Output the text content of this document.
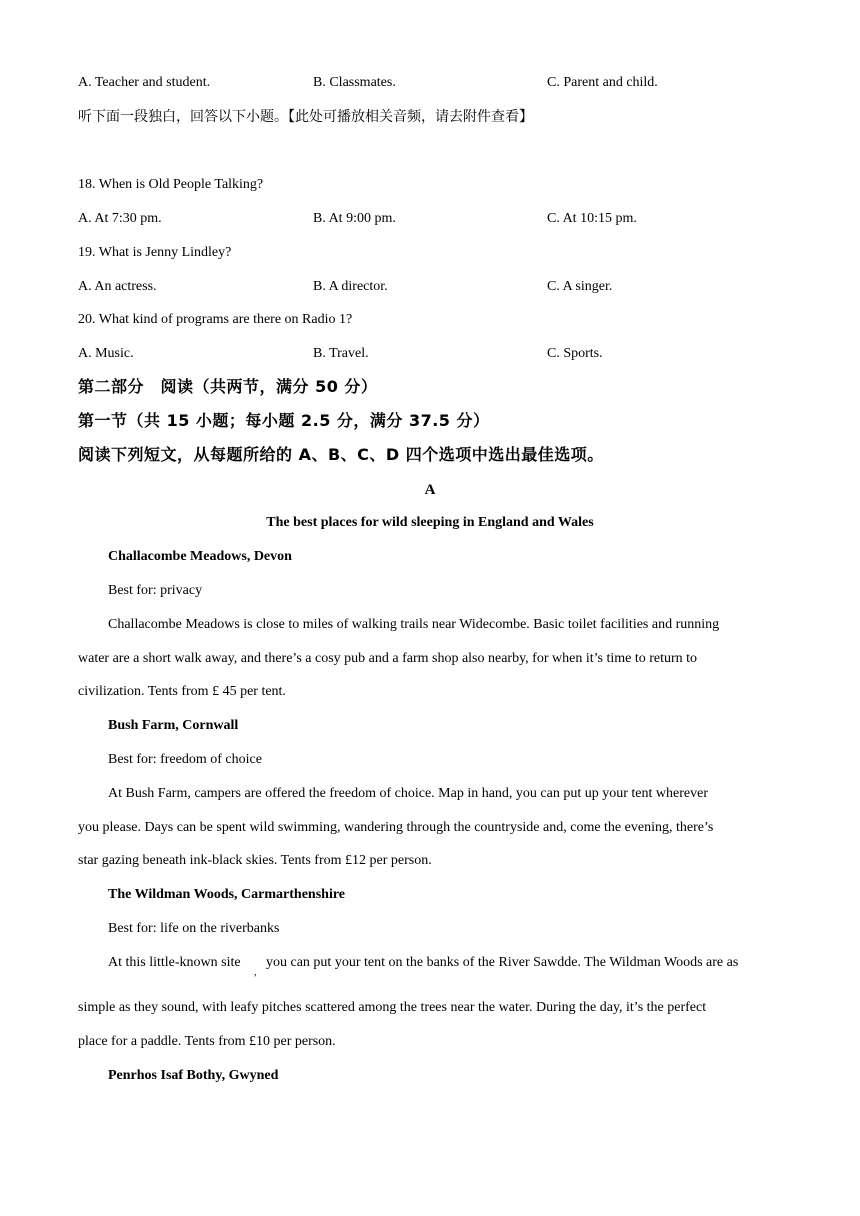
A. Teacher and student.	B. Classmates.	C. Parent and child.
听下面一段独白，回答以下小题。【此处可播放相关音频，请去附件查看】
18. When is Old People Talking?
A. At 7:30 pm.	B. At 9:00 pm.	C. At 10:15 pm.
19. What is Jenny Lindley?
A. An actress.	B. A director.	C. A singer.
20. What kind of programs are there on Radio 1?
A. Music.	B. Travel.	C. Sports.
第二部分　阅读（共两节，满分 50 分）
第一节（共 15 小题；每小题 2.5 分，满分 37.5 分）
阅读下列短文，从每题所给的 A、B、C、D 四个选项中选出最佳选项。
A
The best places for wild sleeping in England and Wales
Challacombe Meadows, Devon
Best for: privacy
Challacombe Meadows is close to miles of walking trails near Widecombe. Basic toilet facilities and running
water are a short walk away, and there’s a cosy pub and a farm shop also nearby, for when it’s time to return to
civilization. Tents from £ 45 per tent.
Bush Farm, Cornwall
Best for: freedom of choice
At Bush Farm, campers are offered the freedom of choice. Map in hand, you can put up your tent wherever
you please. Days can be spent wild swimming, wandering through the countryside and, come the evening, there’s
star gazing beneath ink-black skies. Tents from £12 per person.
The Wildman Woods, Carmarthenshire
Best for: life on the riverbanks
At this little-known site
,
you can put your tent on the banks of the River Sawdde. The Wildman Woods are as
simple as they sound, with leafy pitches scattered among the trees near the water. During the day, it’s the perfect
place for a paddle. Tents from £10 per person.
Penrhos Isaf Bothy, Gwyned
